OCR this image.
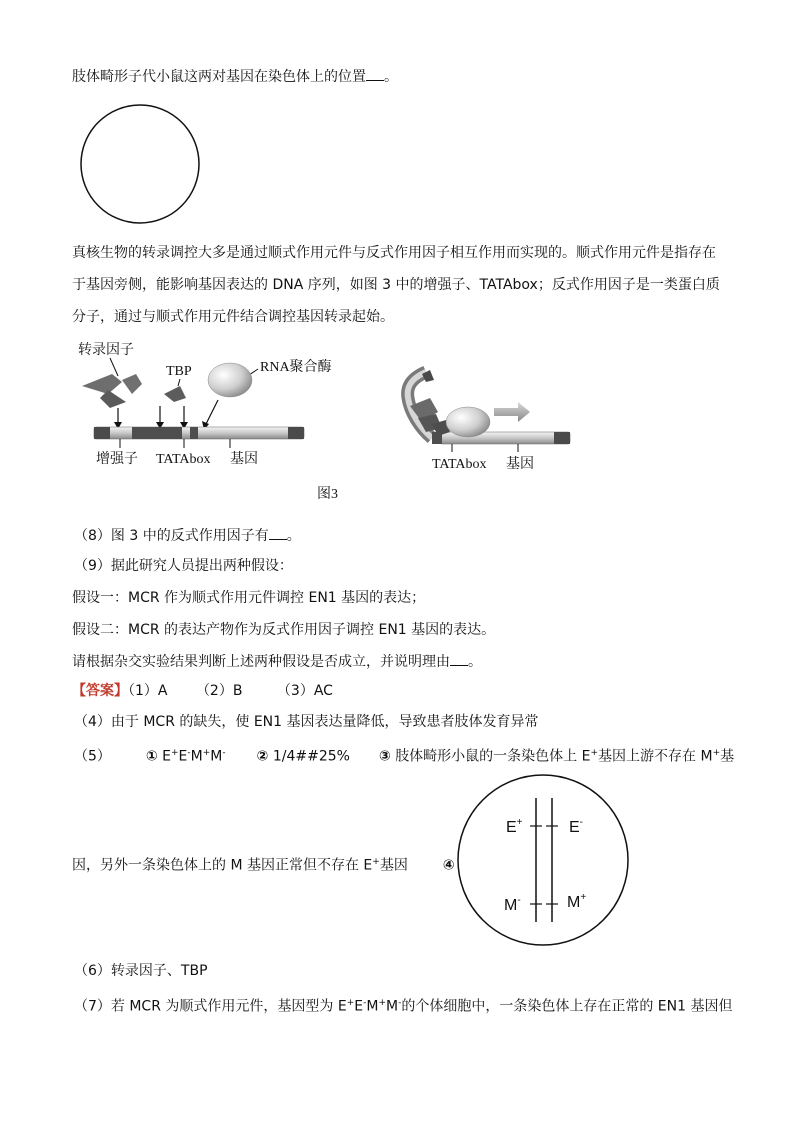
肢体畸形子代小鼠这两对基因在染色体上的位置 。
真核生物的转录调控大多是通过顺式作用元件与反式作用因子相互作用而实现的。顺式作用元件是指存在
于基因旁侧，能影响基因表达的 DNA 序列，如图 3 中的增强子、TATAbox；反式作用因子是一类蛋白质
分子，通过与顺式作用元件结合调控基因转录起始。
转录因子
TBP	RNA聚合酶
增强子 TATAbox 基因	TATAbox 基因
图3
（8）图 3 中的反式作用因子有 。
（9）据此研究人员提出两种假设：
假设一：MCR 作为顺式作用元件调控 EN1 基因的表达；
假设二：MCR 的表达产物作为反式作用因子调控 EN1 基因的表达。
请根据杂交实验结果判断上述两种假设是否成立，并说明理由 。
【答案】（1）A （2）B （3）AC
（4）由于 MCR 的缺失，使 EN1 基因表达量降低，导致患者肢体发育异常
（5） ① E+E-M+M- ② 1/4##25% ③ 肢体畸形小鼠的一条染色体上 E+基因上游不存在 M+基
因，另外一条染色体上的 M 基因正常但不存在 E+基因 ④
E+	E-
M-	M+
（6）转录因子、TBP
（7）若 MCR 为顺式作用元件，基因型为 E+E-M+M-的个体细胞中，一条染色体上存在正常的 EN1 基因但
